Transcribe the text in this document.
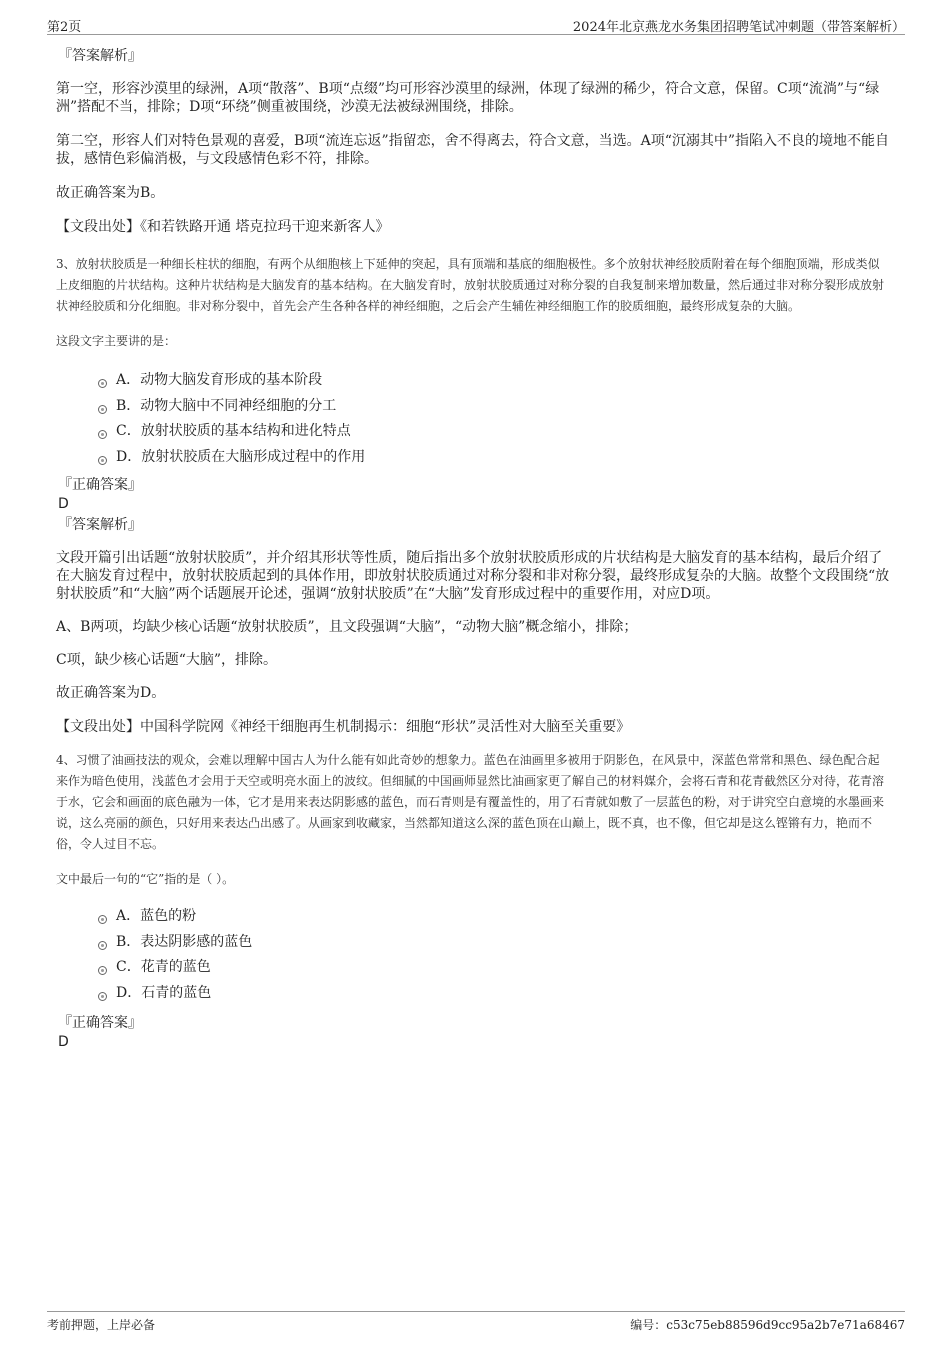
第2页	2024年北京燕龙水务集团招聘笔试冲刺题（带答案解析）
『答案解析』

第一空，形容沙漠里的绿洲，A项“散落”、B项“点缀”均可形容沙漠里的绿洲，体现了绿洲的稀少，符合文意，保留。C项“流淌”与“绿洲”搭配不当，排除；D项“环绕”侧重被围绕，沙漠无法被绿洲围绕，排除。

第二空，形容人们对特色景观的喜爱，B项“流连忘返”指留恋，舍不得离去，符合文意，当选。A项“沉溺其中”指陷入不良的境地不能自拔，感情色彩偏消极，与文段感情色彩不符，排除。

故正确答案为B。

【文段出处】《和若铁路开通 塔克拉玛干迎来新客人》

3、放射状胶质是一种细长柱状的细胞，有两个从细胞核上下延伸的突起，具有顶端和基底的细胞极性。多个放射状神经胶质附着在每个细胞顶端，形成类似上皮细胞的片状结构。这种片状结构是大脑发育的基本结构。在大脑发育时，放射状胶质通过对称分裂的自我复制来增加数量，然后通过非对称分裂形成放射状神经胶质和分化细胞。非对称分裂中，首先会产生各种各样的神经细胞，之后会产生辅佐神经细胞工作的胶质细胞，最终形成复杂的大脑。

这段文字主要讲的是：

A．动物大脑发育形成的基本阶段
B．动物大脑中不同神经细胞的分工
C．放射状胶质的基本结构和进化特点
D．放射状胶质在大脑形成过程中的作用
『正确答案』
D
『答案解析』

文段开篇引出话题“放射状胶质”，并介绍其形状等性质，随后指出多个放射状胶质形成的片状结构是大脑发育的基本结构，最后介绍了在大脑发育过程中，放射状胶质起到的具体作用，即放射状胶质通过对称分裂和非对称分裂，最终形成复杂的大脑。故整个文段围绕“放射状胶质”和“大脑”两个话题展开论述，强调“放射状胶质”在“大脑”发育形成过程中的重要作用，对应D项。

A、B两项，均缺少核心话题“放射状胶质”，且文段强调“大脑”，“动物大脑”概念缩小，排除；

C项，缺少核心话题“大脑”，排除。

故正确答案为D。

【文段出处】中国科学院网《神经干细胞再生机制揭示：细胞“形状”灵活性对大脑至关重要》

4、习惯了油画技法的观众，会难以理解中国古人为什么能有如此奇妙的想象力。蓝色在油画里多被用于阴影色，在风景中，深蓝色常常和黑色、绿色配合起来作为暗色使用，浅蓝色才会用于天空或明亮水面上的波纹。但细腻的中国画师显然比油画家更了解自己的材料媒介，会将石青和花青截然区分对待，花青溶于水，它会和画面的底色融为一体，它才是用来表达阴影感的蓝色，而石青则是有覆盖性的，用了石青就如敷了一层蓝色的粉，对于讲究空白意境的水墨画来说，这么亮丽的颜色，只好用来表达凸出感了。从画家到收藏家，当然都知道这么深的蓝色顶在山巅上，既不真，也不像，但它却是这么铿锵有力，艳而不俗，令人过目不忘。

文中最后一句的“它”指的是（ ）。

A．蓝色的粉
B．表达阴影感的蓝色
C．花青的蓝色
D．石青的蓝色
『正确答案』
D
考前押题，上岸必备	编号：c53c75eb88596d9cc95a2b7e71a68467
